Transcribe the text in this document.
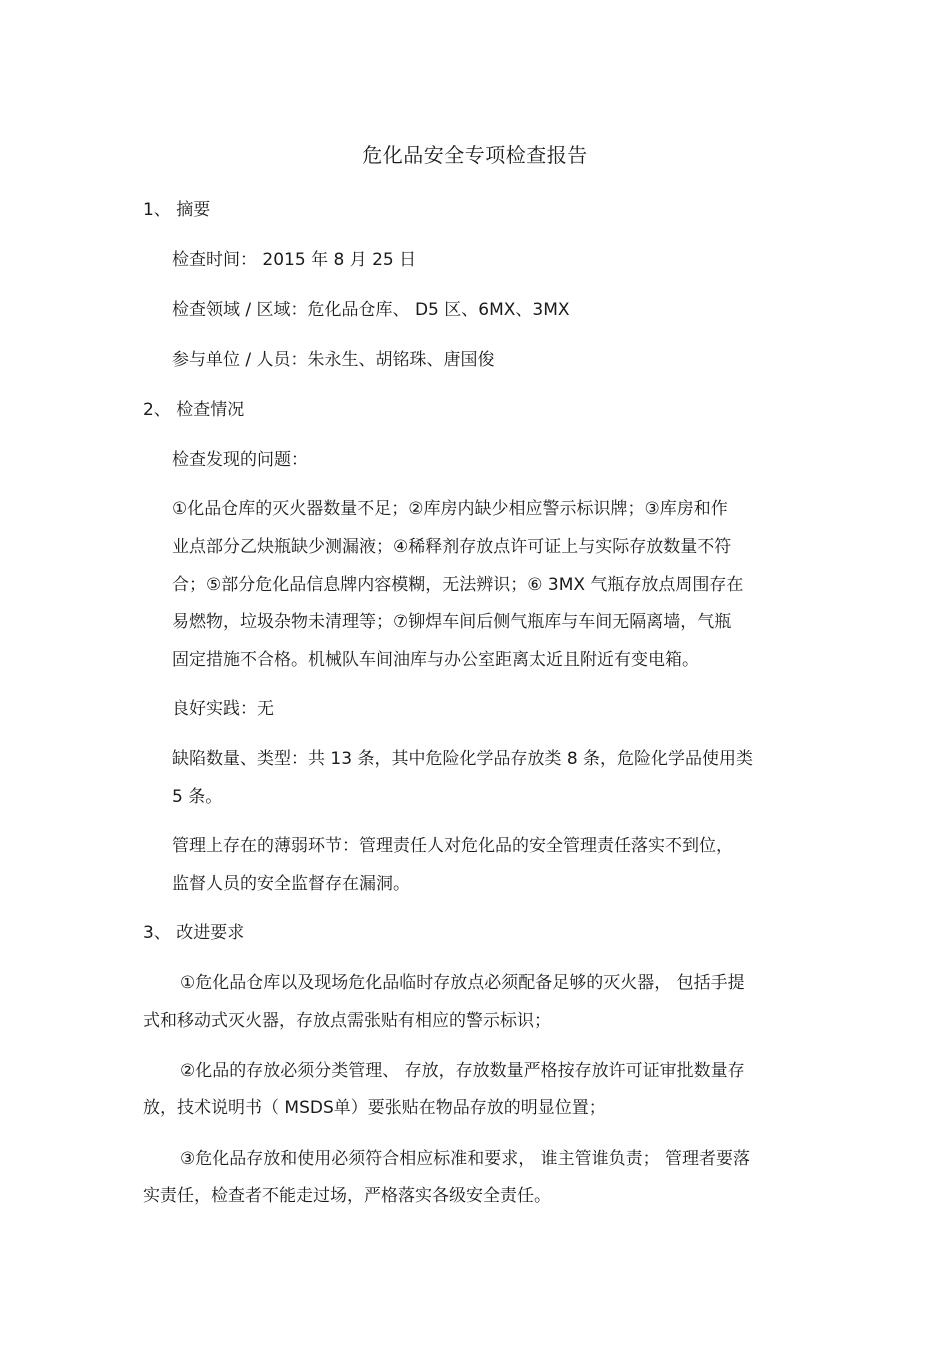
危化品安全专项检查报告
1、 摘要
检查时间： 2015 年 8 月 25 日
检查领域 / 区域：危化品仓库、 D5 区、6MX、3MX
参与单位 / 人员：朱永生、胡铭珠、唐国俊
2、 检查情况
检查发现的问题：
①化品仓库的灭火器数量不足；②库房内缺少相应警示标识牌；③库房和作
业点部分乙炔瓶缺少测漏液；④稀释剂存放点许可证上与实际存放数量不符
合；⑤部分危化品信息牌内容模糊，无法辨识；⑥ 3MX 气瓶存放点周围存在
易燃物，垃圾杂物未清理等；⑦铆焊车间后侧气瓶库与车间无隔离墙，气瓶
固定措施不合格。机械队车间油库与办公室距离太近且附近有变电箱。
良好实践：无
缺陷数量、类型：共 13 条，其中危险化学品存放类 8 条，危险化学品使用类
5 条。
管理上存在的薄弱环节：管理责任人对危化品的安全管理责任落实不到位，
监督人员的安全监督存在漏洞。
3、 改进要求
①危化品仓库以及现场危化品临时存放点必须配备足够的灭火器， 包括手提
式和移动式灭火器，存放点需张贴有相应的警示标识；
②化品的存放必须分类管理、 存放，存放数量严格按存放许可证审批数量存
放，技术说明书（ MSDS单）要张贴在物品存放的明显位置；
③危化品存放和使用必须符合相应标准和要求， 谁主管谁负责； 管理者要落
实责任，检查者不能走过场，严格落实各级安全责任。
